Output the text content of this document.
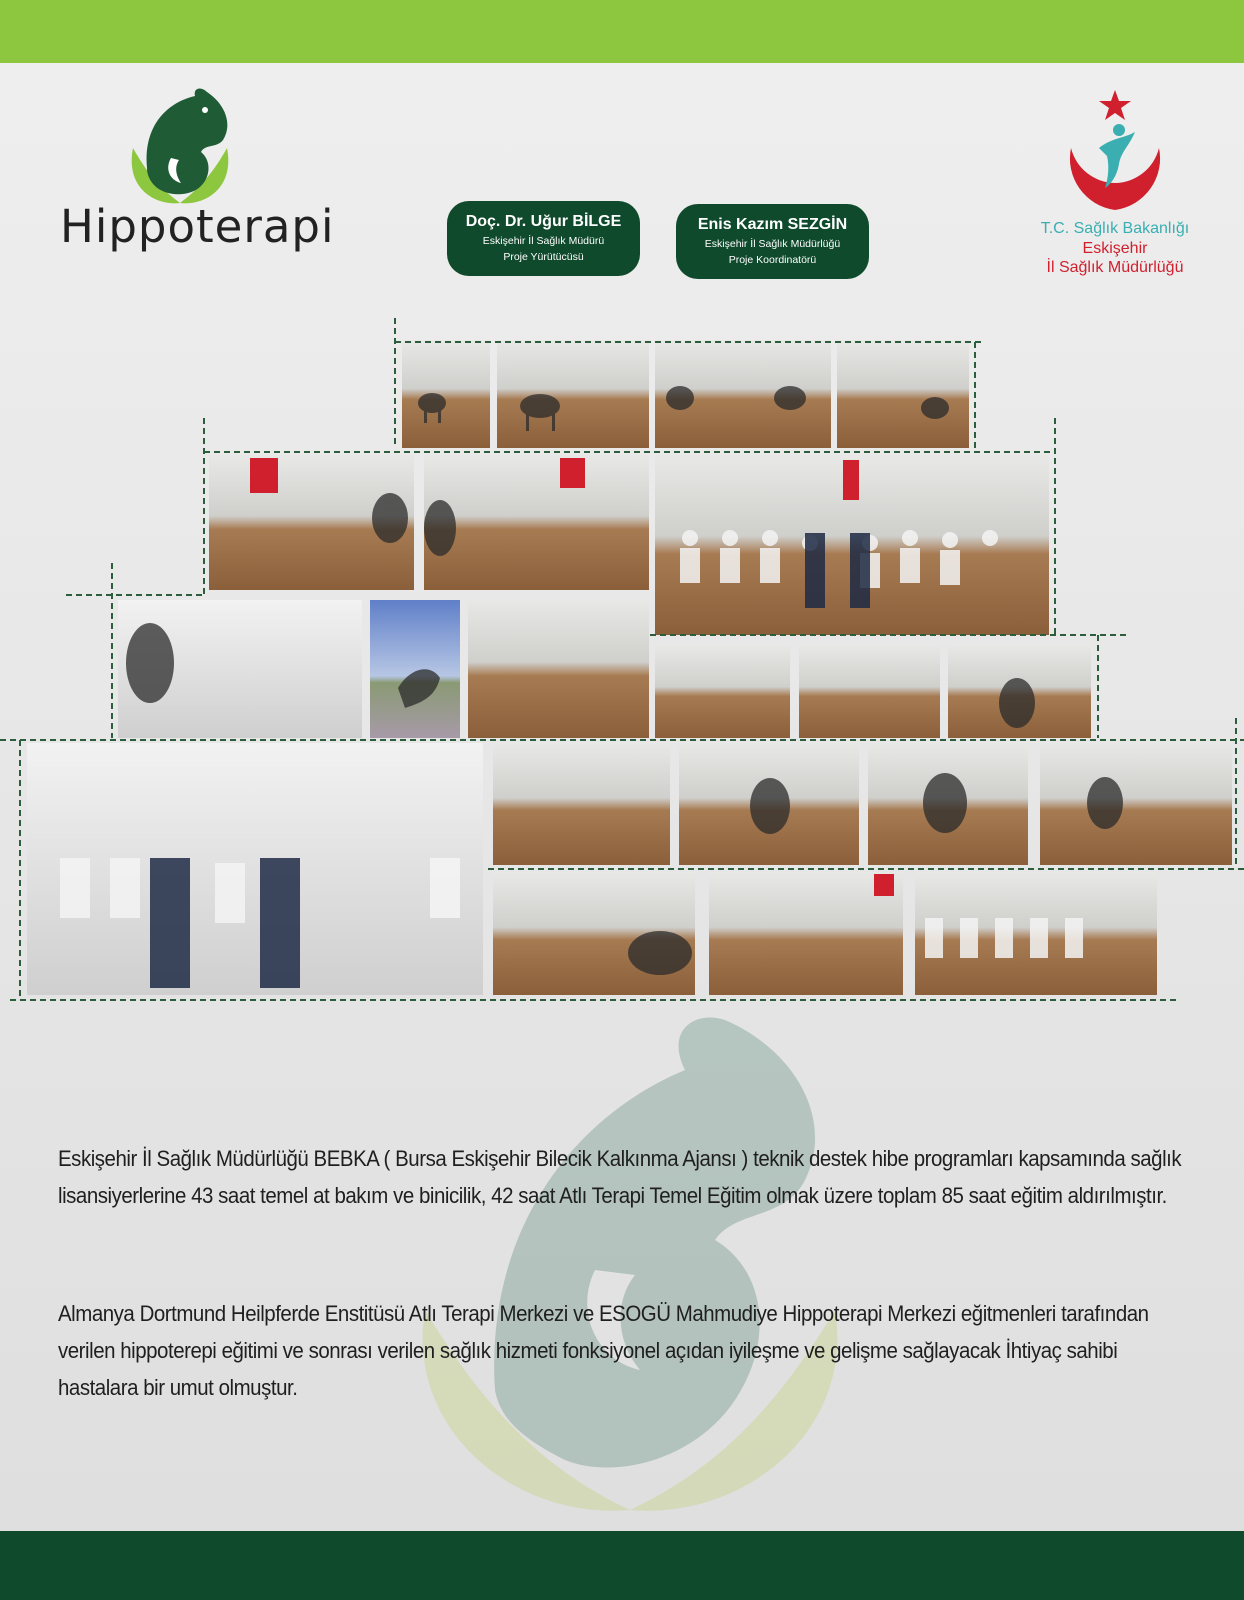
Hippoterapi	T.C. Sağlık Bakanlığı
Eskişehir
İl Sağlık Müdürlüğü
Doç. Dr. Uğur BİLGE
Eskişehir İl Sağlık Müdürü
Proje Yürütücüsü
Enis Kazım SEZGİN
Eskişehir İl Sağlık Müdürlüğü
Proje Koordinatörü

Eskişehir İl Sağlık Müdürlüğü BEBKA ( Bursa Eskişehir Bilecik Kalkınma Ajansı ) teknik destek hibe programları kapsamında sağlık lisansiyerlerine 43 saat temel at bakım ve binicilik, 42 saat Atlı Terapi Temel Eğitim olmak üzere toplam 85 saat eğitim aldırılmıştır.

Almanya Dortmund Heilpferde Enstitüsü Atlı Terapi Merkezi ve ESOGÜ Mahmudiye Hippoterapi Merkezi eğitmenleri tarafından verilen hippoterepi eğitimi ve sonrası verilen sağlık hizmeti fonksiyonel açıdan iyileşme ve gelişme sağlayacak İhtiyaç sahibi hastalara bir umut olmuştur.
